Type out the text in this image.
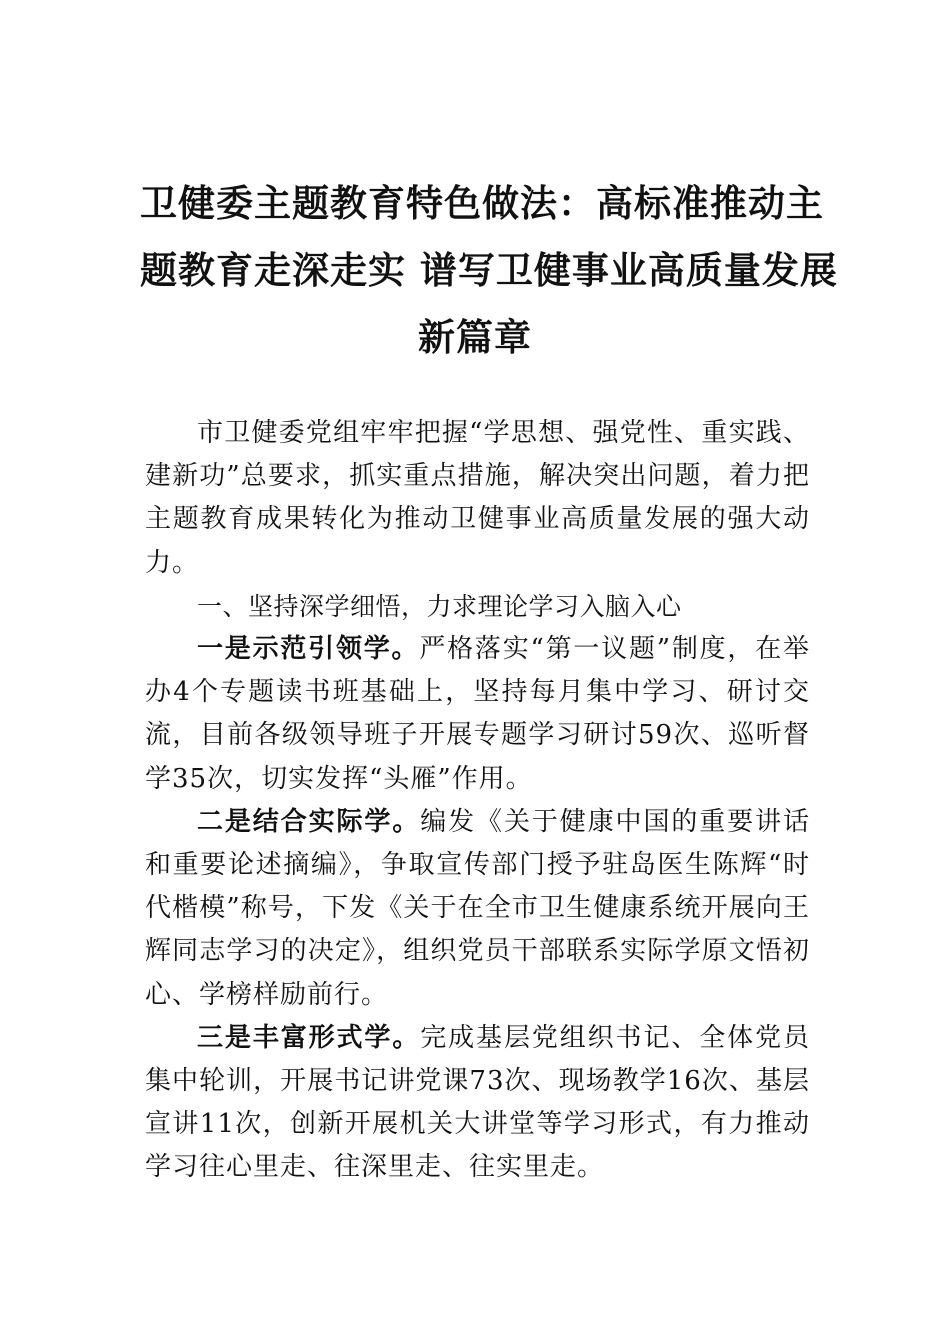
卫健委主题教育特色做法：高标准推动主
题教育走深走实 谱写卫健事业高质量发展
新篇章

市卫健委党组牢牢把握“学思想、强党性、重实践、建新功”总要求，抓实重点措施，解决突出问题，着力把主题教育成果转化为推动卫健事业高质量发展的强大动力。

一、坚持深学细悟，力求理论学习入脑入心

一是示范引领学。严格落实“第一议题”制度，在举办4个专题读书班基础上，坚持每月集中学习、研讨交流，目前各级领导班子开展专题学习研讨59次、巡听督学35次，切实发挥“头雁”作用。

二是结合实际学。编发《关于健康中国的重要讲话和重要论述摘编》，争取宣传部门授予驻岛医生陈辉“时代楷模”称号，下发《关于在全市卫生健康系统开展向王辉同志学习的决定》，组织党员干部联系实际学原文悟初心、学榜样励前行。

三是丰富形式学。完成基层党组织书记、全体党员集中轮训，开展书记讲党课73次、现场教学16次、基层宣讲11次，创新开展机关大讲堂等学习形式，有力推动学习往心里走、往深里走、往实里走。
